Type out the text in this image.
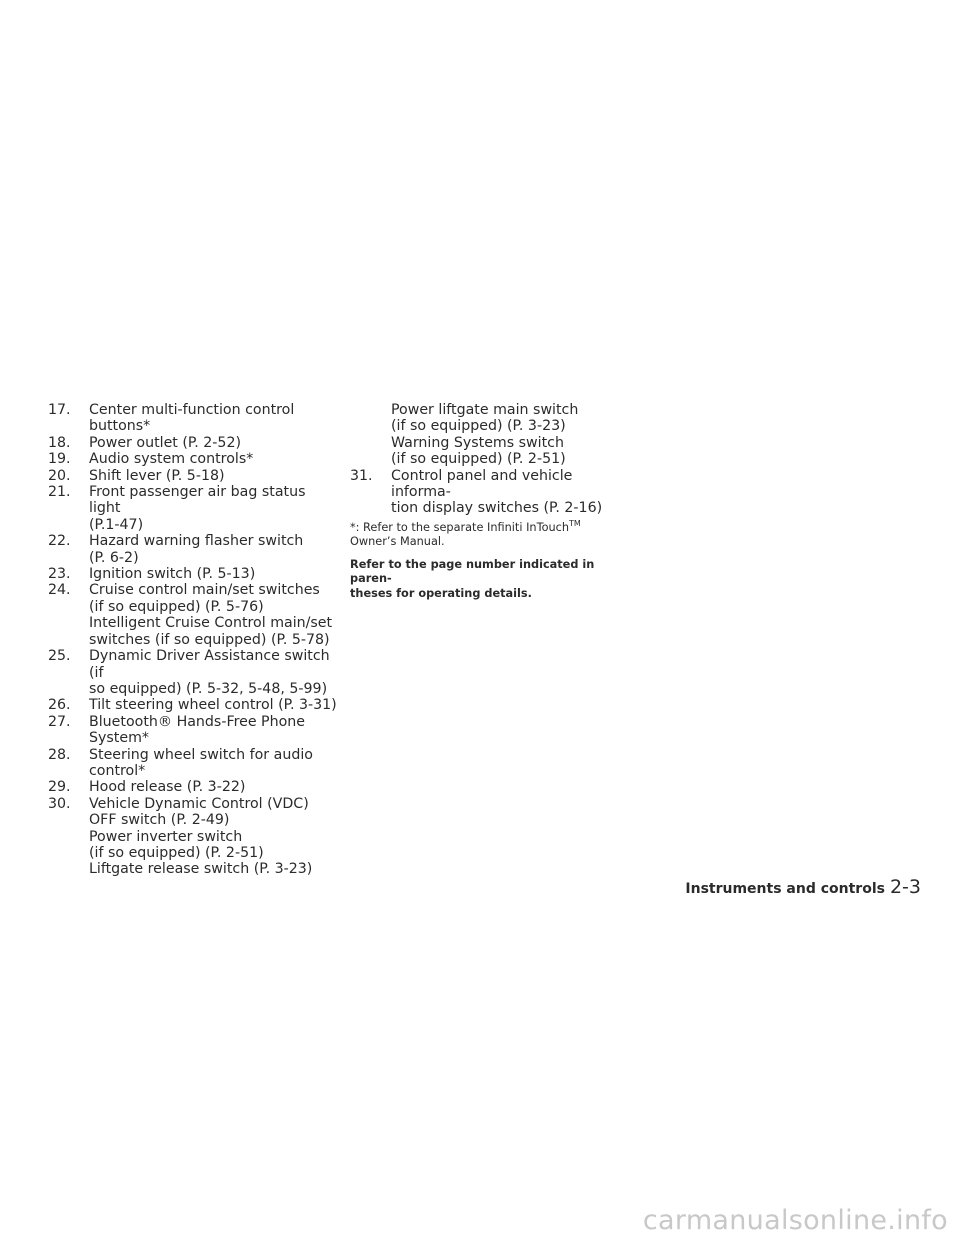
17. Center multi-function control
buttons*
18. Power outlet (P. 2-52)
19. Audio system controls*
20. Shift lever (P. 5-18)
21. Front passenger air bag status light
(P.1-47)
22. Hazard warning flasher switch
(P. 6-2)
23. Ignition switch (P. 5-13)
24. Cruise control main/set switches
(if so equipped) (P. 5-76)
Intelligent Cruise Control main/set
switches (if so equipped) (P. 5-78)
25. Dynamic Driver Assistance switch (if
so equipped) (P. 5-32, 5-48, 5-99)
26. Tilt steering wheel control (P. 3-31)
27. Bluetooth® Hands-Free Phone
System*
28. Steering wheel switch for audio
control*
29. Hood release (P. 3-22)
30. Vehicle Dynamic Control (VDC)
OFF switch (P. 2-49)
Power inverter switch
(if so equipped) (P. 2-51)
Liftgate release switch (P. 3-23)
Power liftgate main switch
(if so equipped) (P. 3-23)
Warning Systems switch
(if so equipped) (P. 2-51)
31. Control panel and vehicle informa-
tion display switches (P. 2-16)
*: Refer to the separate Infiniti InTouch™
Owner’s Manual.
Refer to the page number indicated in paren-
theses for operating details.
Instruments and controls 2-3
carmanualsonline.info
